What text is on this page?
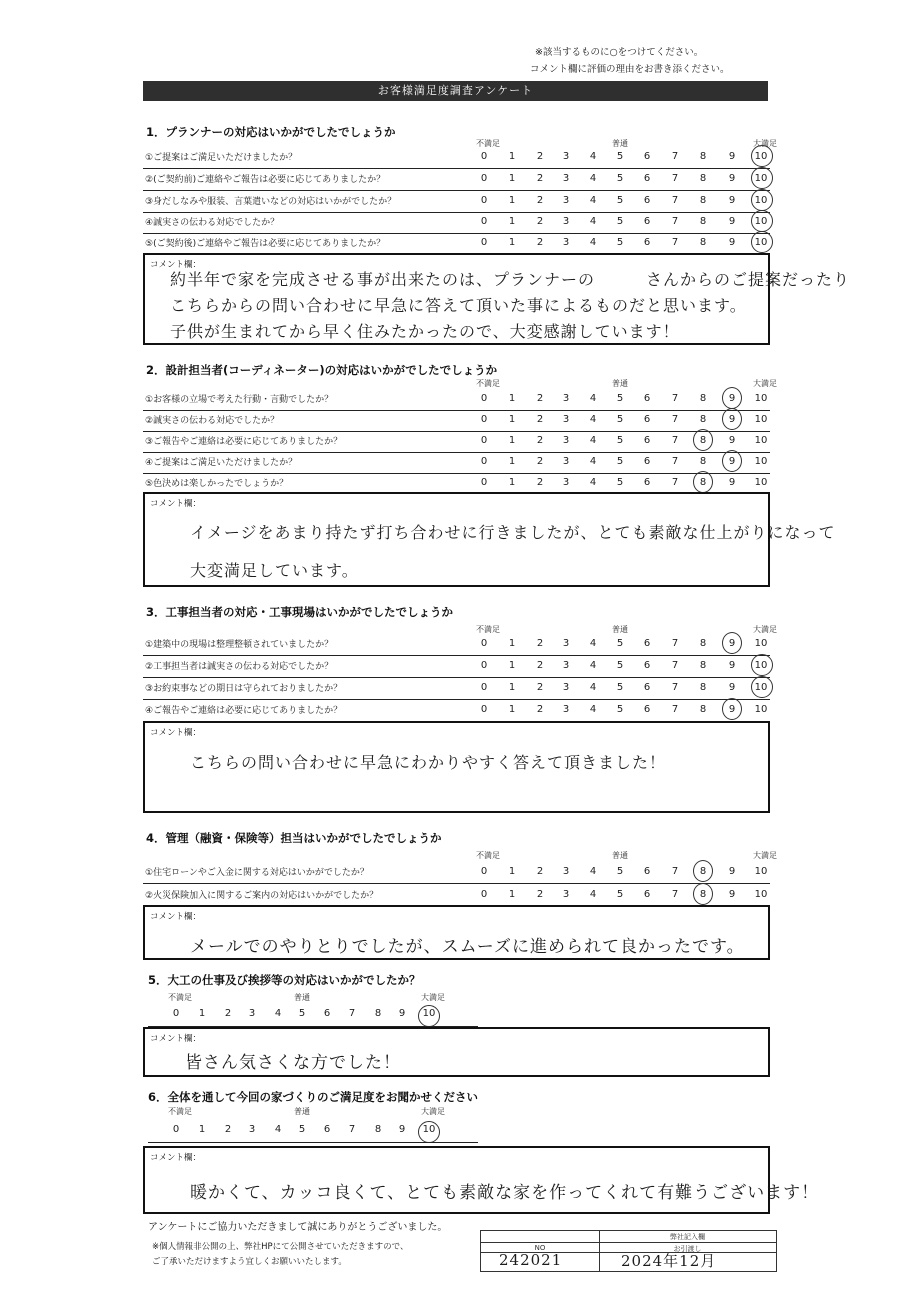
※該当するものに○をつけてください。
コメント欄に評価の理由をお書き添ください。
お客様満足度調査アンケート
1．プランナーの対応はいかがでしたでしょうか
不満足	普通	大満足
①ご提案はご満足いただけましたか？	0	1	2	3	4	5	6	7	8	9	10
②(ご契約前)ご連絡やご報告は必要に応じてありましたか？	0	1	2	3	4	5	6	7	8	9	10
③身だしなみや服装、言葉遣いなどの対応はいかがでしたか？	0	1	2	3	4	5	6	7	8	9	10
④誠実さの伝わる対応でしたか？	0	1	2	3	4	5	6	7	8	9	10
⑤(ご契約後)ご連絡やご報告は必要に応じてありましたか？	0	1	2	3	4	5	6	7	8	9	10
コメント欄：
約半年で家を完成させる事が出来たのは、プランナーの　　　さんからのご提案だったり
こちらからの問い合わせに早急に答えて頂いた事によるものだと思います。
子供が生まれてから早く住みたかったので、大変感謝しています！
2．設計担当者(コーディネーター)の対応はいかがでしたでしょうか
不満足	普通	大満足
①お客様の立場で考えた行動・言動でしたか？	0	1	2	3	4	5	6	7	8	9	10
②誠実さの伝わる対応でしたか？	0	1	2	3	4	5	6	7	8	9	10
③ご報告やご連絡は必要に応じてありましたか？	0	1	2	3	4	5	6	7	8	9	10
④ご提案はご満足いただけましたか？	0	1	2	3	4	5	6	7	8	9	10
⑤色決めは楽しかったでしょうか？	0	1	2	3	4	5	6	7	8	9	10
コメント欄：
イメージをあまり持たず打ち合わせに行きましたが、とても素敵な仕上がりになって
大変満足しています。
3．工事担当者の対応・工事現場はいかがでしたでしょうか
不満足	普通	大満足
①建築中の現場は整理整頓されていましたか？	0	1	2	3	4	5	6	7	8	9	10
②工事担当者は誠実さの伝わる対応でしたか？	0	1	2	3	4	5	6	7	8	9	10
③お約束事などの期日は守られておりましたか？	0	1	2	3	4	5	6	7	8	9	10
④ご報告やご連絡は必要に応じてありましたか？	0	1	2	3	4	5	6	7	8	9	10
コメント欄：
こちらの問い合わせに早急にわかりやすく答えて頂きました！
4．管理（融資・保険等）担当はいかがでしたでしょうか
不満足	普通	大満足
①住宅ローンやご入金に関する対応はいかがでしたか？	0	1	2	3	4	5	6	7	8	9	10
②火災保険加入に関するご案内の対応はいかがでしたか？	0	1	2	3	4	5	6	7	8	9	10
コメント欄：
メールでのやりとりでしたが、スムーズに進められて良かったです。
5．大工の仕事及び挨拶等の対応はいかがでしたか？
不満足	普通	大満足
0	1	2	3	4	5	6	7	8	9	10
コメント欄：
皆さん気さくな方でした！
6．全体を通して今回の家づくりのご満足度をお聞かせください
不満足	普通	大満足
0	1	2	3	4	5	6	7	8	9	10
コメント欄：
暖かくて、カッコ良くて、とても素敵な家を作ってくれて有難うございます！
アンケートにご協力いただきまして誠にありがとうございました。
※個人情報非公開の上、弊社HPにて公開させていただきますので、
ご了承いただけますよう宜しくお願いいたします。
弊社記入欄
NO	お引渡し
242021	2024年12月
